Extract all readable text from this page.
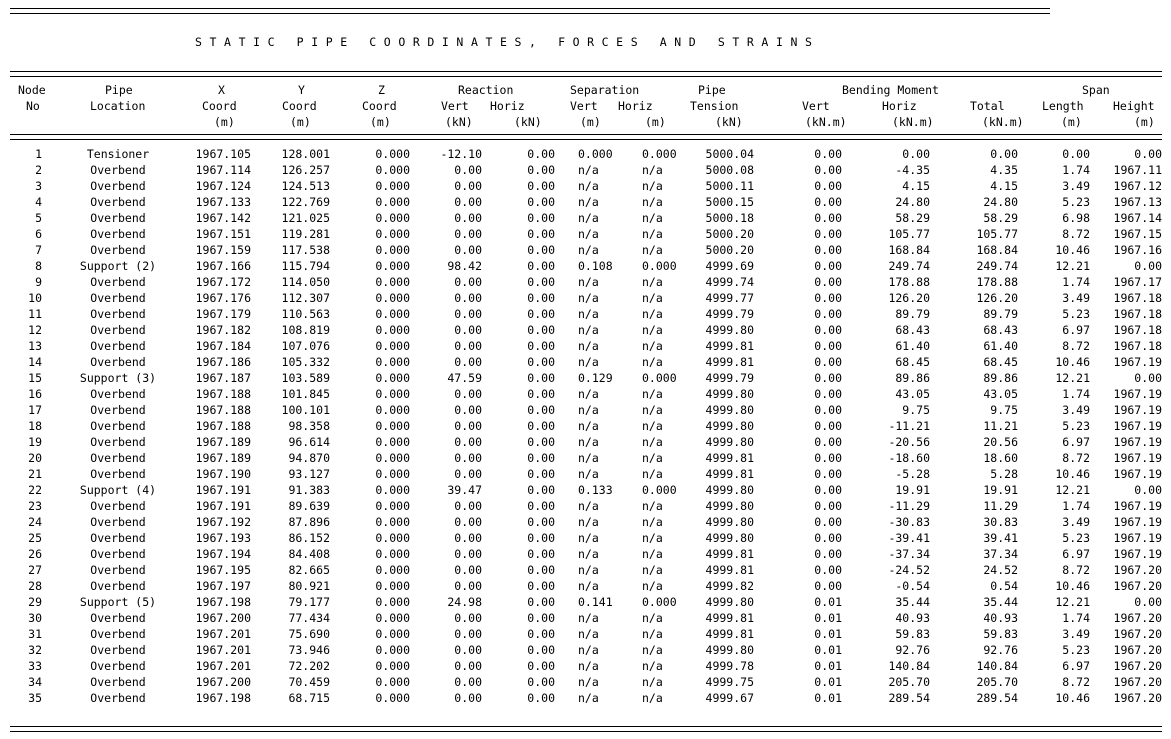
STATIC PIPE COORDINATES, FORCES AND STRAINS
Node	Pipe	X	Y	Z	Reaction	Separation	Pipe	Bending Moment	Span
No	Location	Coord	Coord	Coord	Vert Horiz	Vert Horiz	Tension	Vert	Horiz	Total	Length	Height
(m)	(m)	(m)	(kN)	(kN)	(m)	(m)	(kN)	(kN.m)	(kN.m)	(kN.m)	(m)	(m)
1	Tensioner	1967.105	128.001	0.000	-12.10	0.00 0.000	0.000	5000.04	0.00	0.00	0.00	0.00	0.00
2	Overbend	1967.114	126.257	0.000	0.00	0.00 n/a	n/a	5000.08	0.00	-4.35	4.35	1.74 1967.11
3	Overbend	1967.124	124.513	0.000	0.00	0.00 n/a	n/a	5000.11	0.00	4.15	4.15	3.49 1967.12
4	Overbend	1967.133	122.769	0.000	0.00	0.00 n/a	n/a	5000.15	0.00	24.80	24.80	5.23 1967.13
5	Overbend	1967.142	121.025	0.000	0.00	0.00 n/a	n/a	5000.18	0.00	58.29	58.29	6.98 1967.14
6	Overbend	1967.151	119.281	0.000	0.00	0.00 n/a	n/a	5000.20	0.00	105.77	105.77	8.72 1967.15
7	Overbend	1967.159	117.538	0.000	0.00	0.00 n/a	n/a	5000.20	0.00	168.84	168.84	10.46 1967.16
8	Support (2)	1967.166	115.794	0.000	98.42	0.00 0.108	0.000	4999.69	0.00	249.74	249.74	12.21	0.00
9	Overbend	1967.172	114.050	0.000	0.00	0.00 n/a	n/a	4999.74	0.00	178.88	178.88	1.74 1967.17
10	Overbend	1967.176	112.307	0.000	0.00	0.00 n/a	n/a	4999.77	0.00	126.20	126.20	3.49 1967.18
11	Overbend	1967.179	110.563	0.000	0.00	0.00 n/a	n/a	4999.79	0.00	89.79	89.79	5.23 1967.18
12	Overbend	1967.182	108.819	0.000	0.00	0.00 n/a	n/a	4999.80	0.00	68.43	68.43	6.97 1967.18
13	Overbend	1967.184	107.076	0.000	0.00	0.00 n/a	n/a	4999.81	0.00	61.40	61.40	8.72 1967.18
14	Overbend	1967.186	105.332	0.000	0.00	0.00 n/a	n/a	4999.81	0.00	68.45	68.45	10.46 1967.19
15	Support (3)	1967.187	103.589	0.000	47.59	0.00 0.129	0.000	4999.79	0.00	89.86	89.86	12.21	0.00
16	Overbend	1967.188	101.845	0.000	0.00	0.00 n/a	n/a	4999.80	0.00	43.05	43.05	1.74 1967.19
17	Overbend	1967.188	100.101	0.000	0.00	0.00 n/a	n/a	4999.80	0.00	9.75	9.75	3.49 1967.19
18	Overbend	1967.188	98.358	0.000	0.00	0.00 n/a	n/a	4999.80	0.00	-11.21	11.21	5.23 1967.19
19	Overbend	1967.189	96.614	0.000	0.00	0.00 n/a	n/a	4999.80	0.00	-20.56	20.56	6.97 1967.19
20	Overbend	1967.189	94.870	0.000	0.00	0.00 n/a	n/a	4999.81	0.00	-18.60	18.60	8.72 1967.19
21	Overbend	1967.190	93.127	0.000	0.00	0.00 n/a	n/a	4999.81	0.00	-5.28	5.28	10.46 1967.19
22	Support (4)	1967.191	91.383	0.000	39.47	0.00 0.133	0.000	4999.80	0.00	19.91	19.91	12.21	0.00
23	Overbend	1967.191	89.639	0.000	0.00	0.00 n/a	n/a	4999.80	0.00	-11.29	11.29	1.74 1967.19
24	Overbend	1967.192	87.896	0.000	0.00	0.00 n/a	n/a	4999.80	0.00	-30.83	30.83	3.49 1967.19
25	Overbend	1967.193	86.152	0.000	0.00	0.00 n/a	n/a	4999.80	0.00	-39.41	39.41	5.23 1967.19
26	Overbend	1967.194	84.408	0.000	0.00	0.00 n/a	n/a	4999.81	0.00	-37.34	37.34	6.97 1967.19
27	Overbend	1967.195	82.665	0.000	0.00	0.00 n/a	n/a	4999.81	0.00	-24.52	24.52	8.72 1967.20
28	Overbend	1967.197	80.921	0.000	0.00	0.00 n/a	n/a	4999.82	0.00	-0.54	0.54	10.46 1967.20
29	Support (5)	1967.198	79.177	0.000	24.98	0.00 0.141	0.000	4999.80	0.01	35.44	35.44	12.21	0.00
30	Overbend	1967.200	77.434	0.000	0.00	0.00 n/a	n/a	4999.81	0.01	40.93	40.93	1.74 1967.20
31	Overbend	1967.201	75.690	0.000	0.00	0.00 n/a	n/a	4999.81	0.01	59.83	59.83	3.49 1967.20
32	Overbend	1967.201	73.946	0.000	0.00	0.00 n/a	n/a	4999.80	0.01	92.76	92.76	5.23 1967.20
33	Overbend	1967.201	72.202	0.000	0.00	0.00 n/a	n/a	4999.78	0.01	140.84	140.84	6.97 1967.20
34	Overbend	1967.200	70.459	0.000	0.00	0.00 n/a	n/a	4999.75	0.01	205.70	205.70	8.72 1967.20
35	Overbend	1967.198	68.715	0.000	0.00	0.00 n/a	n/a	4999.67	0.01	289.54	289.54	10.46 1967.20
